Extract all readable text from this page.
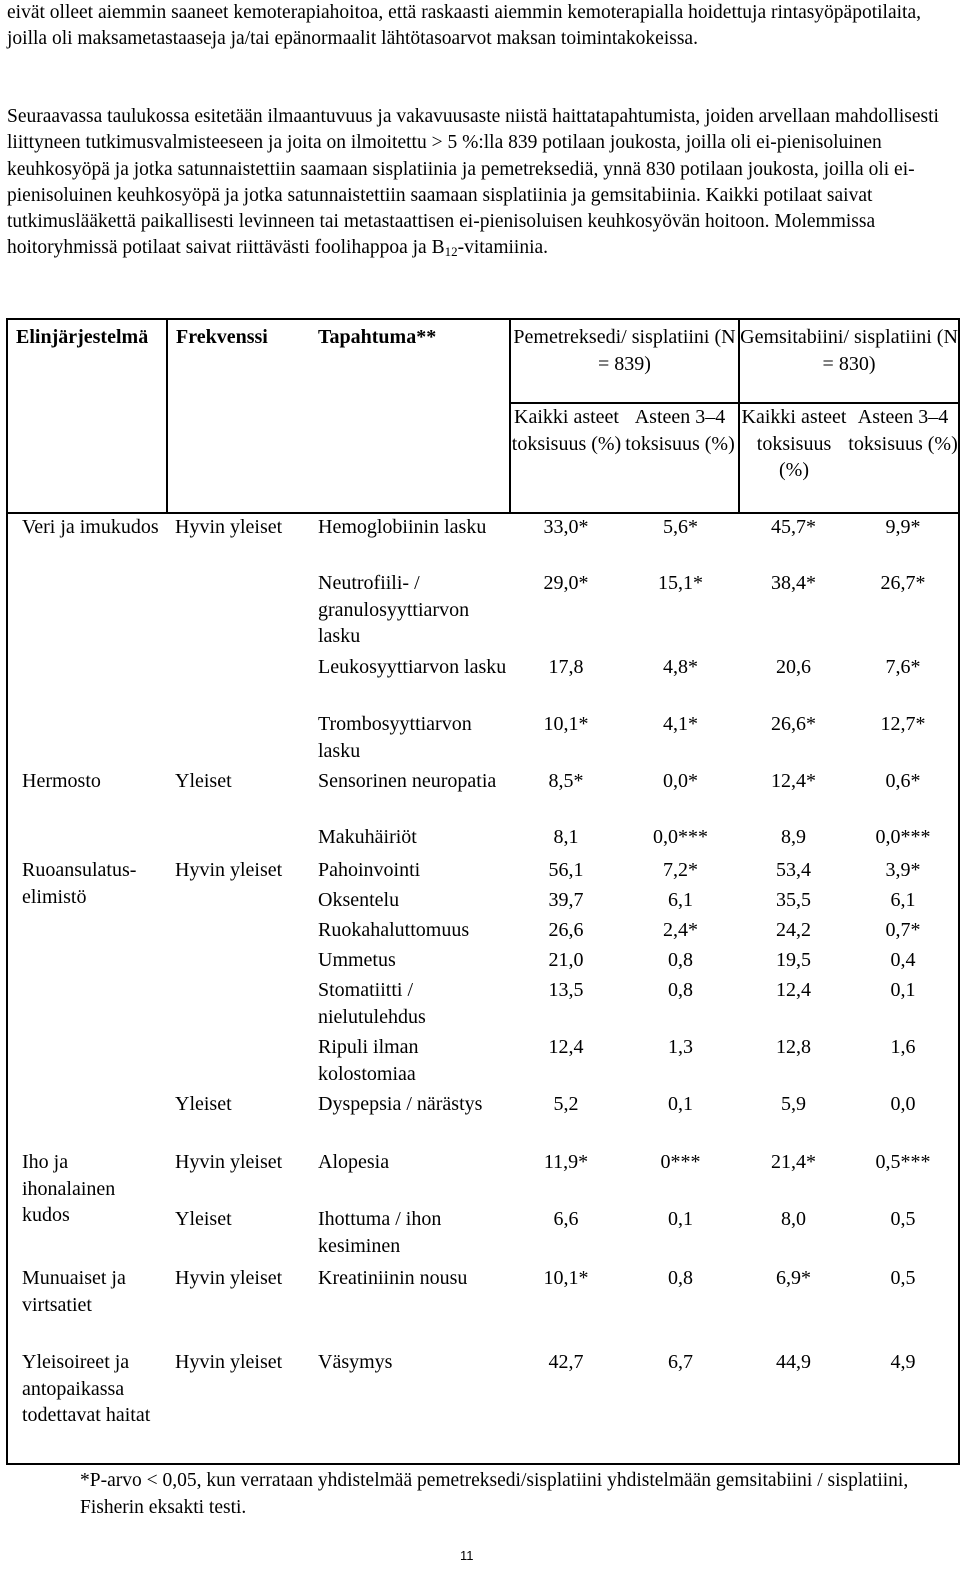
eivät olleet aiemmin saaneet kemoterapiahoitoa, että raskaasti aiemmin kemoterapialla hoidettuja rintasyöpäpotilaita, joilla oli maksametastaaseja ja/tai epänormaalit lähtötasoarvot maksan toimintakokeissa.

Seuraavassa taulukossa esitetään ilmaantuvuus ja vakavuusaste niistä haittatapahtumista, joiden arvellaan mahdollisesti liittyneen tutkimusvalmisteeseen ja joita on ilmoitettu > 5 %:lla 839 potilaan joukosta, joilla oli ei-pienisoluinen keuhkosyöpä ja jotka satunnaistettiin saamaan sisplatiinia ja pemetreksediä, ynnä 830 potilaan joukosta, joilla oli ei-pienisoluinen keuhkosyöpä ja jotka satunnaistettiin saamaan sisplatiinia ja gemsitabiinia. Kaikki potilaat saivat tutkimuslääkettä paikallisesti levinneen tai metastaattisen ei-pienisoluisen keuhkosyövän hoitoon. Molemmissa hoitoryhmissä potilaat saivat riittävästi foolihappoa ja $B_{12}$-vitamiinia.

Elinjärjestelmä	Frekvenssi	Tapahtuma**	Pemetreksedi/ sisplatiini (N = 839)		Gemsitabiini/ sisplatiini (N = 830)	
			Kaikki asteet toksisuus (%)	Asteen 3–4 toksisuus (%)	Kaikki asteet toksisuus (%)	Asteen 3–4 toksisuus (%)
Veri ja imukudos	Hyvin yleiset	Hemoglobiinin lasku	33,0*	5,6*	45,7*	9,9*
		Neutrofiili- / granulosyyttiarvon lasku	29,0*	15,1*	38,4*	26,7*
		Leukosyyttiarvon lasku	17,8	4,8*	20,6	7,6*
		Trombosyyttiarvon lasku	10,1*	4,1*	26,6*	12,7*
Hermosto	Yleiset	Sensorinen neuropatia	8,5*	0,0*	12,4*	0,6*
		Makuhäiriöt	8,1	0,0***	8,9	0,0***
Ruoansulatus- elimistö	Hyvin yleiset	Pahoinvointi	56,1	7,2*	53,4	3,9*
		Oksentelu	39,7	6,1	35,5	6,1
		Ruokahaluttomuus	26,6	2,4*	24,2	0,7*
		Ummetus	21,0	0,8	19,5	0,4
		Stomatiitti / nielutulehdus	13,5	0,8	12,4	0,1
		Ripuli ilman kolostomiaa	12,4	1,3	12,8	1,6
	Yleiset	Dyspepsia / närästys	5,2	0,1	5,9	0,0
Iho ja ihonalainen kudos	Hyvin yleiset	Alopesia	11,9*	0***	21,4*	0,5***
	Yleiset	Ihottuma / ihon kesiminen	6,6	0,1	8,0	0,5
Munuaiset ja virtsatiet	Hyvin yleiset	Kreatiniinin nousu	10,1*	0,8	6,9*	0,5
Yleisoireet ja antopaikassa todettavat haitat	Hyvin yleiset	Väsymys	42,7	6,7	44,9	4,9

*P-arvo < 0,05, kun verrataan yhdistelmää pemetreksedi/sisplatiini yhdistelmään gemsitabiini / sisplatiini, Fisherin eksakti testi.

11
